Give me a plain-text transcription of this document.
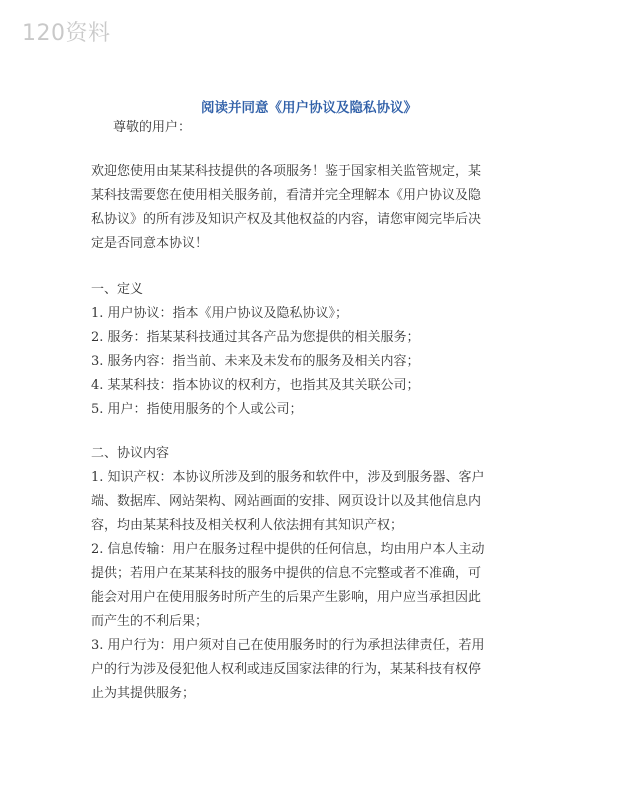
120资料
阅读并同意《用户协议及隐私协议》

尊敬的用户：

欢迎您使用由某某科技提供的各项服务！鉴于国家相关监管规定，某

某科技需要您在使用相关服务前，看清并完全理解本《用户协议及隐

私协议》的所有涉及知识产权及其他权益的内容，请您审阅完毕后决

定是否同意本协议！

一、定义

1. 用户协议：指本《用户协议及隐私协议》；

2. 服务：指某某科技通过其各产品为您提供的相关服务；

3. 服务内容：指当前、未来及未发布的服务及相关内容；

4. 某某科技：指本协议的权利方，也指其及其关联公司；

5. 用户：指使用服务的个人或公司；

二、协议内容

1. 知识产权：本协议所涉及到的服务和软件中，涉及到服务器、客户

端、数据库、网站架构、网站画面的安排、网页设计以及其他信息内

容，均由某某科技及相关权利人依法拥有其知识产权；

2. 信息传输：用户在服务过程中提供的任何信息，均由用户本人主动

提供；若用户在某某科技的服务中提供的信息不完整或者不准确，可

能会对用户在使用服务时所产生的后果产生影响，用户应当承担因此

而产生的不利后果；

3. 用户行为：用户须对自己在使用服务时的行为承担法律责任，若用

户的行为涉及侵犯他人权利或违反国家法律的行为，某某科技有权停

止为其提供服务；
